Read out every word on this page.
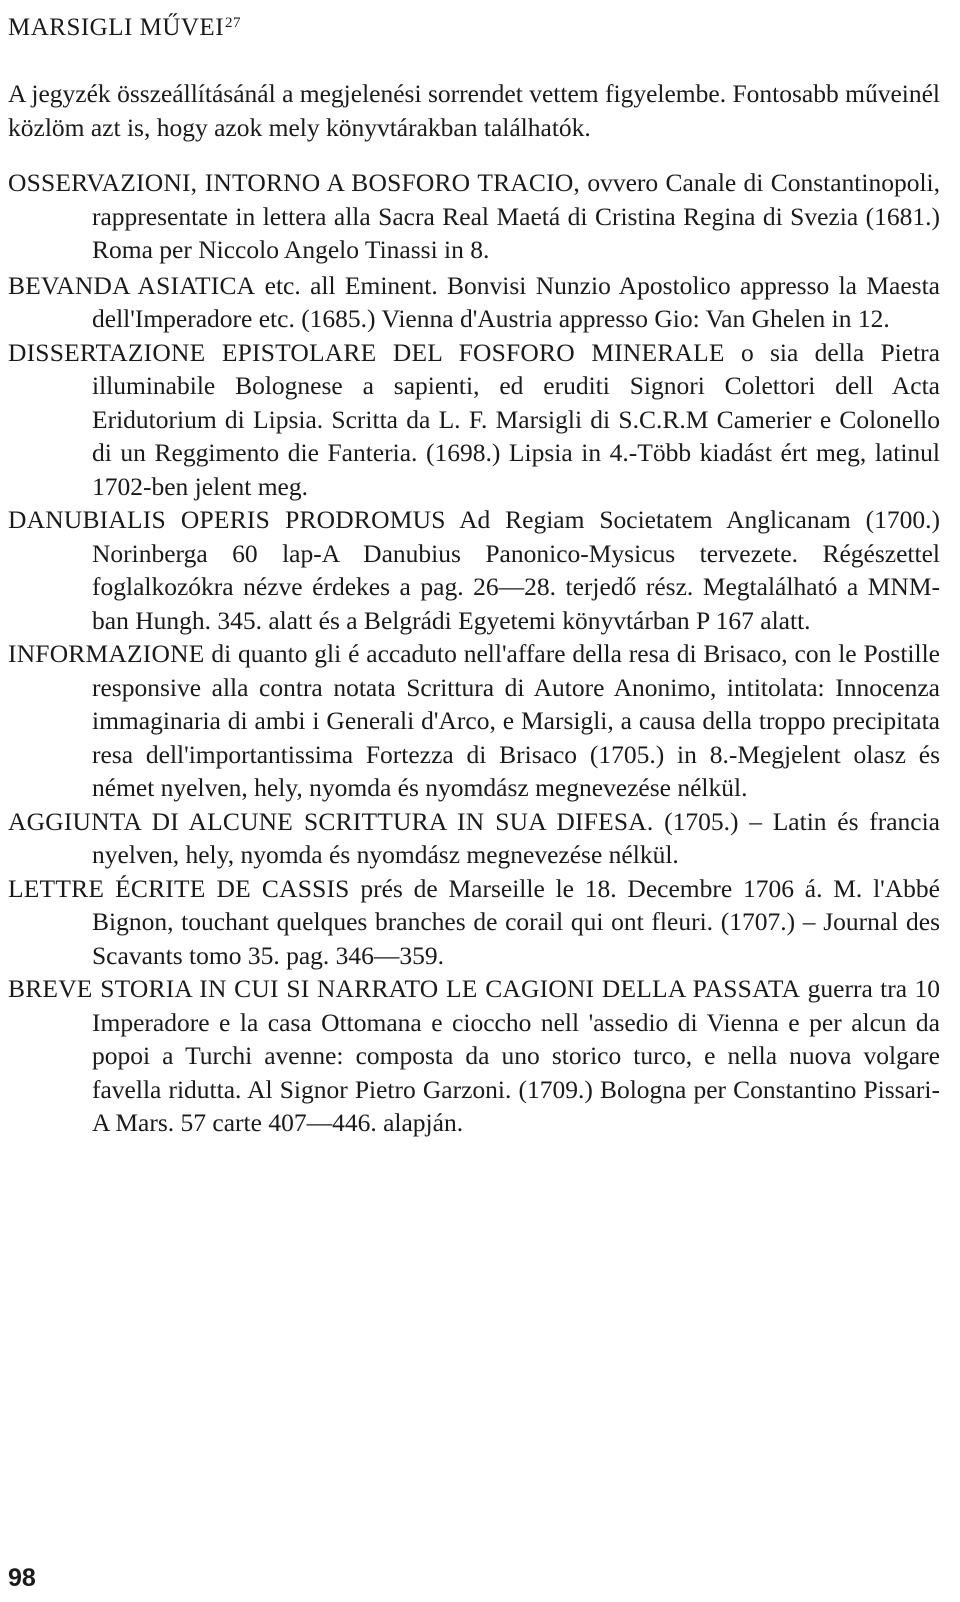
MARSIGLI MŰVEI$^{27}$

A jegyzék összeállításánál a megjelenési sorrendet vettem figyelembe. Fontosabb műveinél közlöm azt is, hogy azok mely könyvtárakban találhatók.

OSSERVAZIONI, INTORNO A BOSFORO TRACIO, ovvero Canale di Constantinopoli, rappresentate in lettera alla Sacra Real Maetá di Cristina Regina di Svezia (1681.) Roma per Niccolo Angelo Tinassi in 8.

BEVANDA ASIATICA etc. all Eminent. Bonvisi Nunzio Apostolico appresso la Maesta dell'Imperadore etc. (1685.) Vienna d'Austria appresso Gio: Van Ghelen in 12.

DISSERTAZIONE EPISTOLARE DEL FOSFORO MINERALE o sia della Pietra illuminabile Bolognese a sapienti, ed eruditi Signori Colettori dell Acta Eridutorium di Lipsia. Scritta da L. F. Marsigli di S.C.R.M Camerier e Colonello di un Reggimento die Fanteria. (1698.) Lipsia in 4.-Több kiadást ért meg, latinul 1702-ben jelent meg.

DANUBIALIS OPERIS PRODROMUS Ad Regiam Societatem Anglicanam (1700.) Norinberga 60 lap-A Danubius Panonico-Mysicus tervezete. Régészettel foglalkozókra nézve érdekes a pag. 26—28. terjedő rész. Megtalálható a MNM-ban Hungh. 345. alatt és a Belgrádi Egyetemi könyvtárban P 167 alatt.

INFORMAZIONE di quanto gli é accaduto nell'affare della resa di Brisaco, con le Postille responsive alla contra notata Scrittura di Autore Anonimo, intitolata: Innocenza immaginaria di ambi i Generali d'Arco, e Marsigli, a causa della troppo precipitata resa dell'importantissima Fortezza di Brisaco (1705.) in 8.-Megjelent olasz és német nyelven, hely, nyomda és nyomdász megnevezése nélkül.

AGGIUNTA DI ALCUNE SCRITTURA IN SUA DIFESA. (1705.) – Latin és francia nyelven, hely, nyomda és nyomdász megnevezése nélkül.

LETTRE ÉCRITE DE CASSIS prés de Marseille le 18. Decembre 1706 á. M. l'Abbé Bignon, touchant quelques branches de corail qui ont fleuri. (1707.) – Journal des Scavants tomo 35. pag. 346—359.

BREVE STORIA IN CUI SI NARRATO LE CAGIONI DELLA PASSATA guerra tra 10 Imperadore e la casa Ottomana e cioccho nell 'assedio di Vienna e per alcun da popoi a Turchi avenne: composta da uno storico turco, e nella nuova volgare favella ridutta. Al Signor Pietro Garzoni. (1709.) Bologna per Constantino Pissari-A Mars. 57 carte 407—446. alapján.

98
